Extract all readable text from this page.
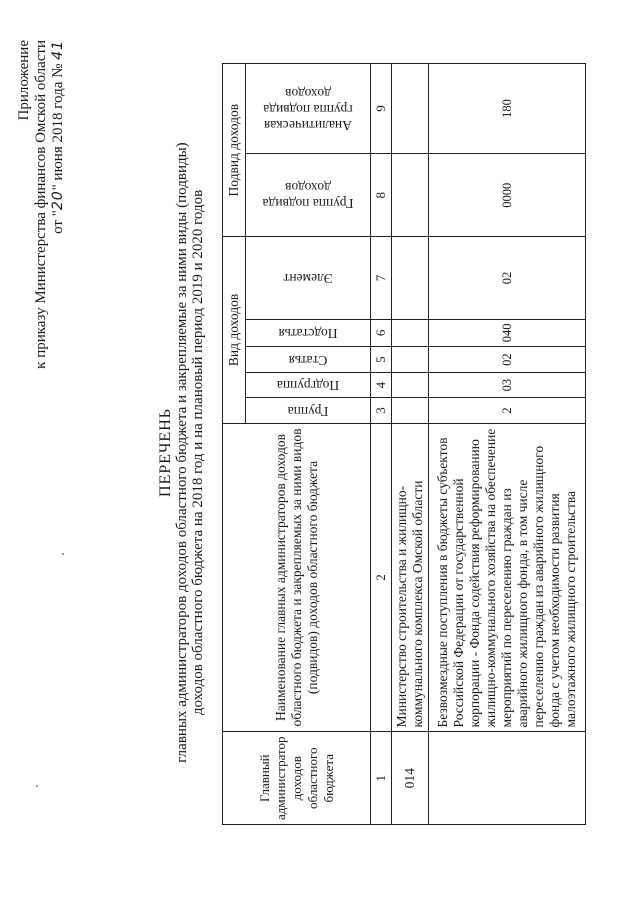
Приложение к приказу Министерства финансов Омской области от "20" июня 2018 года № 41
ПЕРЕЧЕНЬ главных администраторов доходов областного бюджета и закрепляемые за ними виды (подвиды) доходов областного бюджета на 2018 год и на плановый период 2019 и 2020 годов
Главный администратор доходов областного бюджета	Наименование главных администраторов доходов областного бюджета и закрепляемых за ними видов (подвидов) доходов областного бюджета	Вид доходов					Подвид доходов	

		Группа	Подгруппа	Статья	Подстатья	Элемент	Группа подвида доходов	Аналитическая группа подвида доходов

1	2	3	4	5	6	7	8	9
014	Министерство строительства и жилищно-коммунального комплекса Омской области							
	Безвозмездные поступления в бюджеты субъектов Российской Федерации от государственной корпорации - Фонда содействия реформированию жилищно-коммунального хозяйства на обеспечение мероприятий по переселению граждан из аварийного жилищного фонда, в том числе переселению граждан из аварийного жилищного фонда с учетом необходимости развития малоэтажного жилищного строительства	2	03	02	040	02	0000	180
